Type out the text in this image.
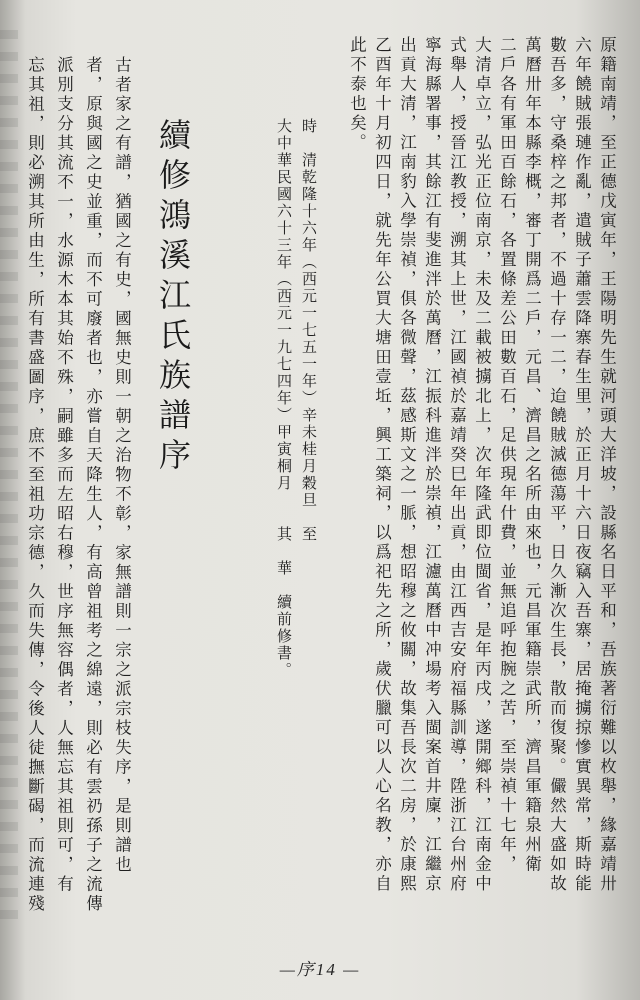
原籍南靖，至正德戊寅年，王陽明先生就河頭大洋坡，設縣名日平和，吾族著衍難以枚舉，緣嘉靖卅
六年饒賊張璉作亂，遣賊子蕭雲降寨春生里，於正月十六日夜竊入吾寨，居掩擄掠慘實異常，斯時能
數吾多，守桑梓之邦者，不過十存一二，迨饒賊滅德蕩平，日久漸次生長，散而復聚。儼然大盛如故
萬曆卅年本縣李概，審丁開爲二戶，元昌、濟昌之名所由來也，元昌軍籍崇武所，濟昌軍籍泉州衛
二戶各有軍田百餘石，各置條差公田數百石，足供現年什費，並無追呼抱腕之苦，至崇禎十七年，
大清卓立，弘光正位南京，未及二載被擄北上，次年隆武即位閩省，是年丙戌，遂開鄉科，江南金中
式舉人，授晉江教授，溯其上世，江國禎於嘉靖癸巳年出貢，由江西吉安府福縣訓導，陞浙江台州府
寧海縣署事，其餘江有斐進泮於萬曆，江振科進泮於崇禎，江濾萬曆中冲場考入閩案首井廩，江繼京
出貢大清，江南豹入學崇禎，俱各微聲，茲感斯文之一脈，想昭穆之攸關，故集吾長次二房，於康熙
乙酉年十月初四日，就先年公買大塘田壹坵，興工築祠，以爲祀先之所，歲伏臘可以人心名教，亦自
此不泰也矣。
時　清乾隆十六年（西元一七五一年）辛未桂月穀旦　至
大中華民國六十三年（西元一九七四年）甲寅桐月　　其　華　續前修書。
續修鴻溪江氏族譜序
古者家之有譜，猶國之有史，國無史則一朝之治物不彰，家無譜則一宗之派宗枝失序，是則譜也
者，原與國之史並重，而不可廢者也，亦嘗自天降生人，有高曾祖考之綿遠，則必有雲礽孫子之流傳
派別支分其流不一，水源木本其始不殊，嗣雖多而左昭右穆，世序無容偶者，人無忘其祖則可，有
忘其祖，則必溯其所由生，所有書盛圖序，庶不至祖功宗德，久而失傳，令後人徒撫斷碣，而流連殘
—序14 —
